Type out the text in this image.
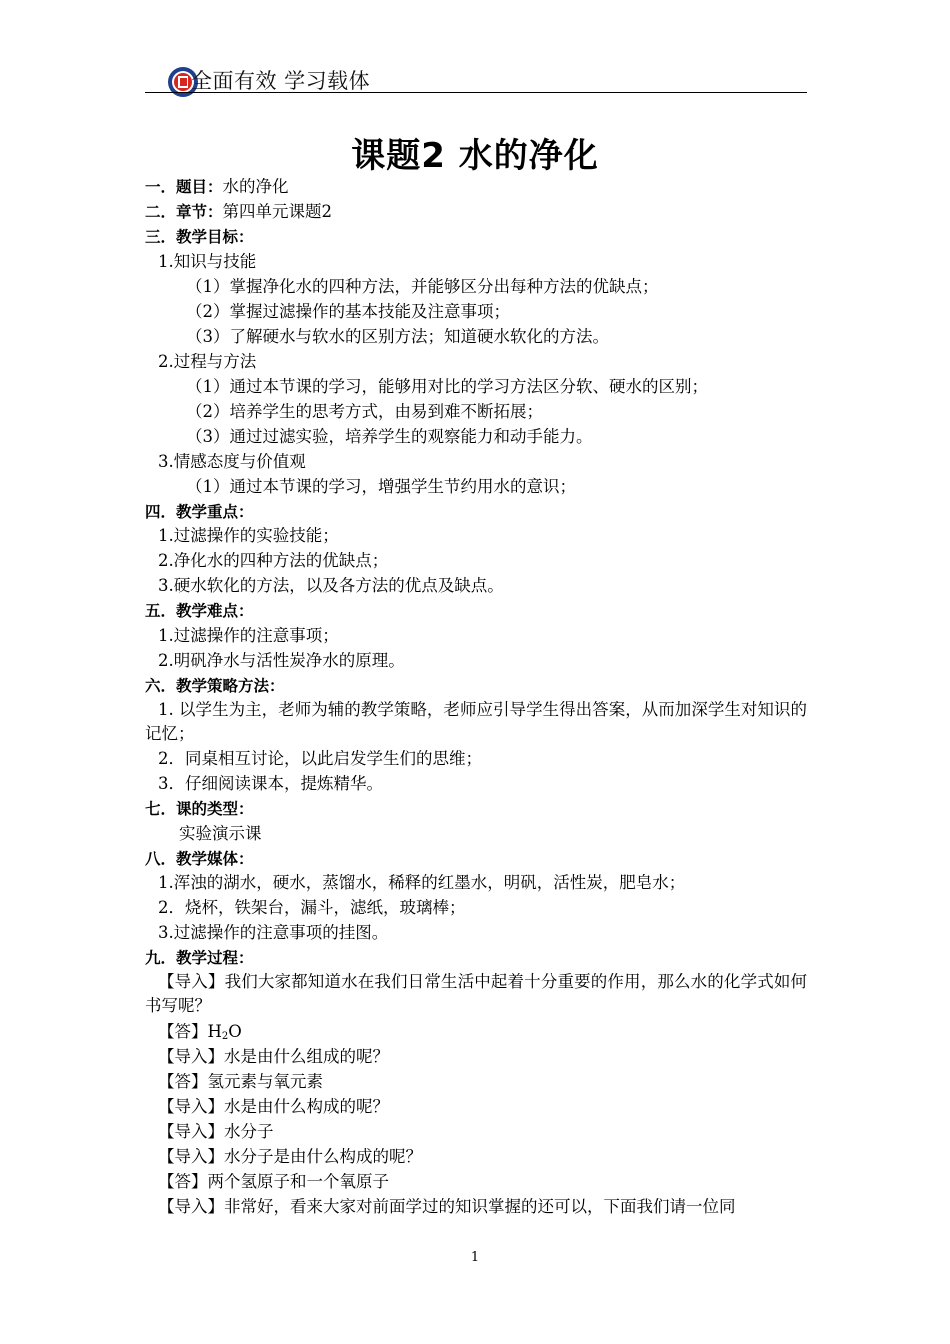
全面有效 学习载体
课题2 水的净化
一．题目：水的净化
二．章节：第四单元课题2
三．教学目标：
1.知识与技能
（1）掌握净化水的四种方法，并能够区分出每种方法的优缺点；
（2）掌握过滤操作的基本技能及注意事项；
（3）了解硬水与软水的区别方法；知道硬水软化的方法。
2.过程与方法
（1）通过本节课的学习，能够用对比的学习方法区分软、硬水的区别；
（2）培养学生的思考方式，由易到难不断拓展；
（3）通过过滤实验，培养学生的观察能力和动手能力。
3.情感态度与价值观
（1）通过本节课的学习，增强学生节约用水的意识；
四．教学重点：
1.过滤操作的实验技能；
2.净化水的四种方法的优缺点；
3.硬水软化的方法，以及各方法的优点及缺点。
五．教学难点：
1.过滤操作的注意事项；
2.明矾净水与活性炭净水的原理。
六．教学策略方法：
1. 以学生为主，老师为辅的教学策略，老师应引导学生得出答案，从而加深学生对知识的记忆；
2．同桌相互讨论，以此启发学生们的思维；
3．仔细阅读课本，提炼精华。
七．课的类型：
实验演示课
八．教学媒体：
1.浑浊的湖水，硬水，蒸馏水，稀释的红墨水，明矾，活性炭，肥皂水；
2．烧杯，铁架台，漏斗，滤纸，玻璃棒；
3.过滤操作的注意事项的挂图。
九．教学过程：
【导入】我们大家都知道水在我们日常生活中起着十分重要的作用，那么水的化学式如何书写呢？
【答】$H_2O$
【导入】水是由什么组成的呢？
【答】氢元素与氧元素
【导入】水是由什么构成的呢？
【导入】水分子
【导入】水分子是由什么构成的呢？
【答】两个氢原子和一个氧原子
【导入】非常好，看来大家对前面学过的知识掌握的还可以，下面我们请一位同
1
